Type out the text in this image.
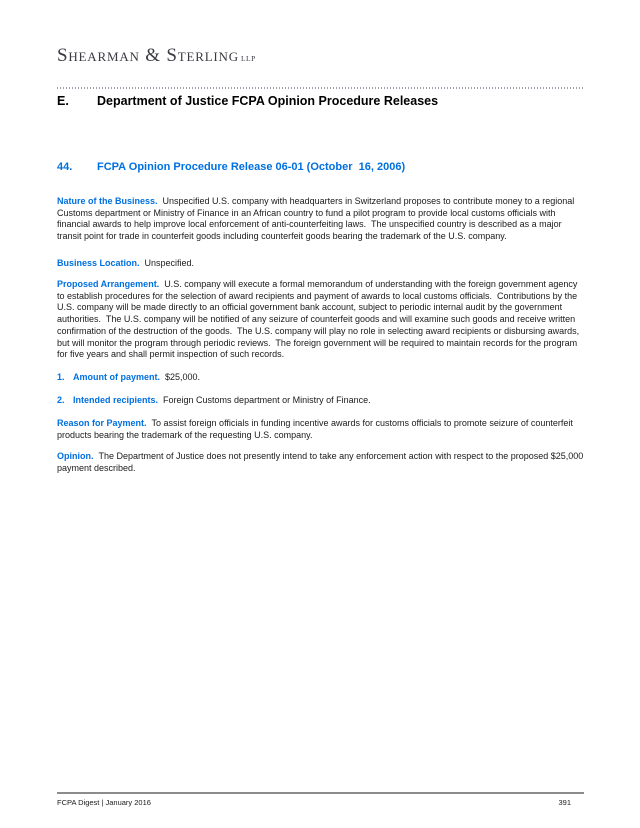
Shearman & Sterling LLP
E. Department of Justice FCPA Opinion Procedure Releases
44. FCPA Opinion Procedure Release 06-01 (October  16, 2006)

Nature of the Business. Unspecified U.S. company with headquarters in Switzerland proposes to contribute money to a regional Customs department or Ministry of Finance in an African country to fund a pilot program to provide local customs officials with financial awards to help improve local enforcement of anti-counterfeiting laws.  The unspecified country is described as a major transit point for trade in counterfeit goods including counterfeit goods bearing the trademark of the U.S. company.

Business Location. Unspecified.

Proposed Arrangement. U.S. company will execute a formal memorandum of understanding with the foreign government agency to establish procedures for the selection of award recipients and payment of awards to local customs officials.  Contributions by the U.S. company will be made directly to an official government bank account, subject to periodic internal audit by the government authorities.  The U.S. company will be notified of any seizure of counterfeit goods and will examine such goods and receive written confirmation of the destruction of the goods.  The U.S. company will play no role in selecting award recipients or disbursing awards, but will monitor the program through periodic reviews.  The foreign government will be required to maintain records for the program for five years and shall permit inspection of such records.

1. Amount of payment. $25,000.

2. Intended recipients. Foreign Customs department or Ministry of Finance.

Reason for Payment. To assist foreign officials in funding incentive awards for customs officials to promote seizure of counterfeit products bearing the trademark of the requesting U.S. company.

Opinion. The Department of Justice does not presently intend to take any enforcement action with respect to the proposed $25,000 payment described.

FCPA Digest | January 2016	391
